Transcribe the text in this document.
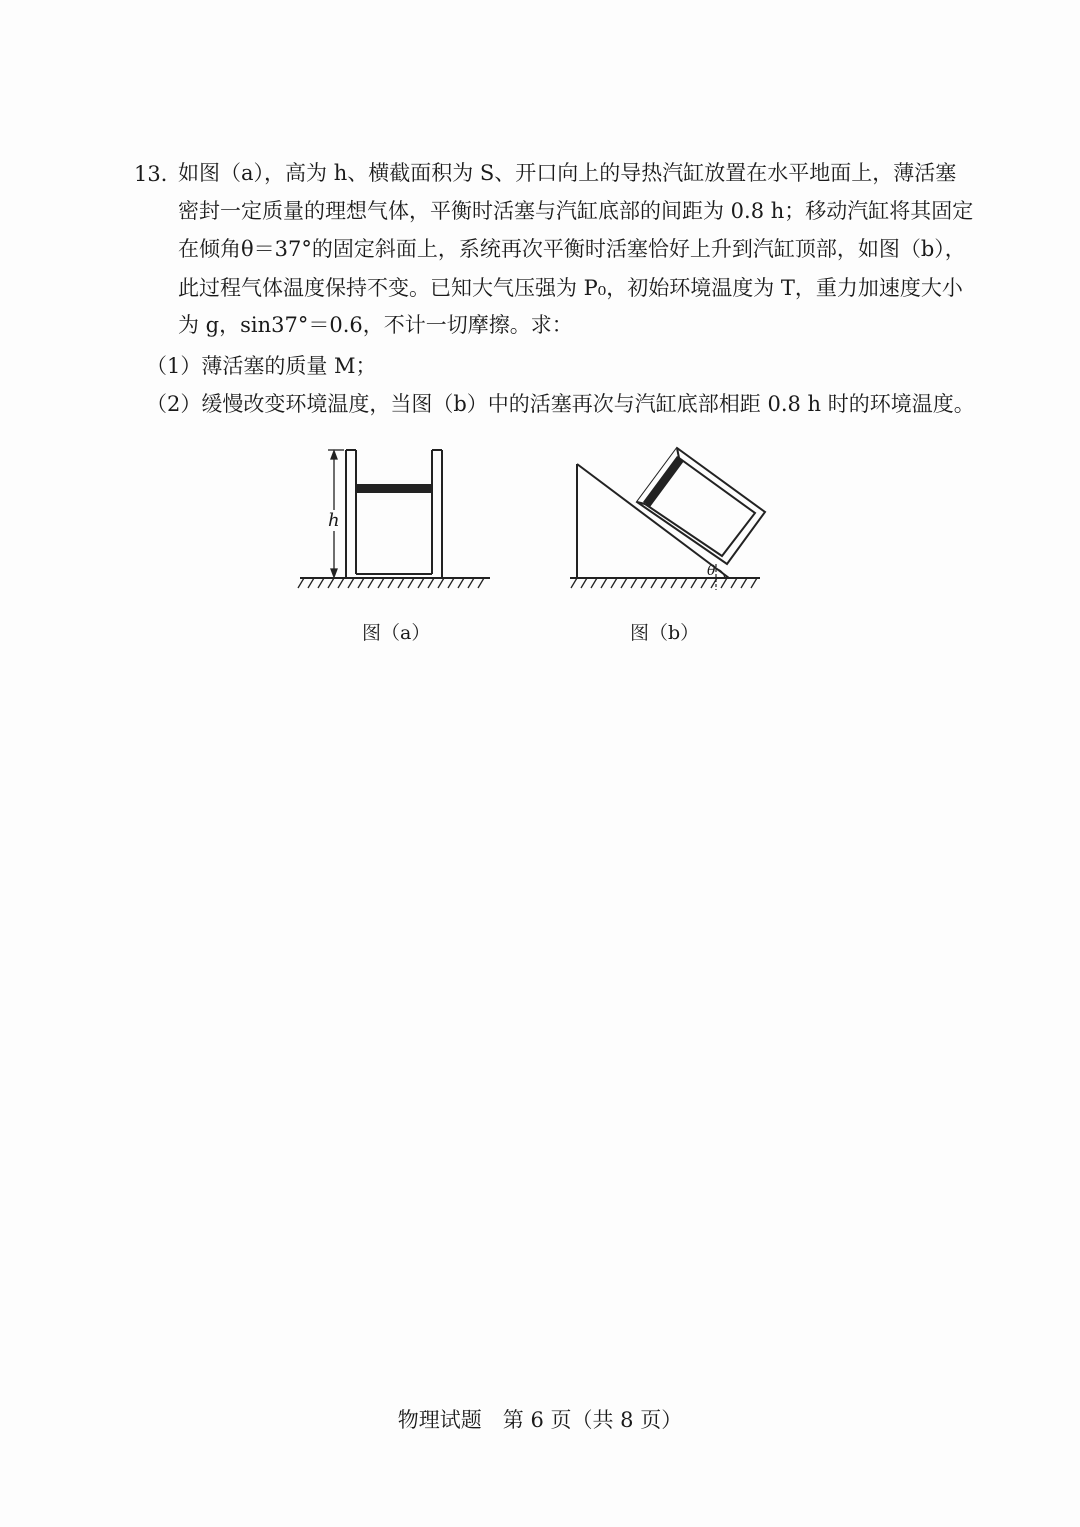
13．
如图（a），高为 h、横截面积为 S、开口向上的导热汽缸放置在水平地面上，薄活塞
密封一定质量的理想气体，平衡时活塞与汽缸底部的间距为 0.8 h；移动汽缸将其固定
在倾角θ＝37°的固定斜面上，系统再次平衡时活塞恰好上升到汽缸顶部，如图（b），
此过程气体温度保持不变。已知大气压强为 P₀，初始环境温度为 T，重力加速度大小
为 g，sin37°＝0.6，不计一切摩擦。求：
（1）薄活塞的质量 M；
（2）缓慢改变环境温度，当图（b）中的活塞再次与汽缸底部相距 0.8 h 时的环境温度。
h
图（a）
θ
图（b）
物理试题　第 6 页（共 8 页）
